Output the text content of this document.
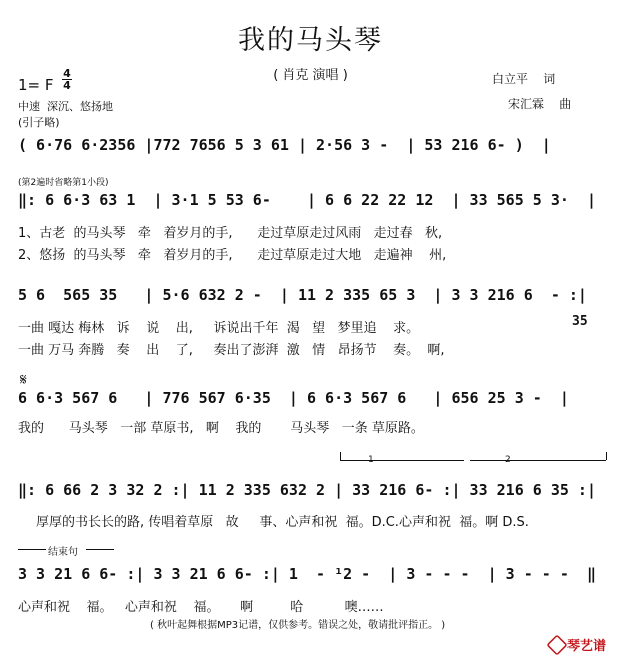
我的马头琴
( 肖克 演唱 )
1= F
4
4
中速  深沉、悠扬地
(引子略)
白立平    词
宋汇霖    曲
( 6·76 6·2356 |772 7656 5 3 61 | 2·56 3 -  | 53 216 6- )  |
(第2遍时省略第1小段)
‖: 6 6·3 63 1  | 3·1 5 53 6-    | 6 6 22 22 12  | 33 565 5 3·  |
1、古老  的马头琴   牵   着岁月的手,      走过草原走过风雨   走过春   秋,
2、悠扬  的马头琴   牵   着岁月的手,      走过草原走过大地   走遍神    州,
5 6  565 35   | 5·6 632 2 -  | 11 2 335 65 3  | 3 3 216 6  - :|
一曲 嘎达 梅林   诉    说    出,     诉说出千年  渴   望   梦里追    求。	35
一曲 万马 奔腾   奏    出    了,     奏出了澎湃  激   情   昂扬节    奏。  啊,
𝄋
6 6·3 567 6   | 776 567 6·35  | 6 6·3 567 6   | 656 25 3 -  |
我的      马头琴   一部 草原书,   啊    我的       马头琴   一条 草原路。
1	2
‖: 6 66 2 3 32 2 :| 11 2 335 632 2 | 33 216 6- :| 33 216 6 35 :|
厚厚的书长长的路, 传唱着草原   故     事、心声和祝  福。D.C.心声和祝  福。啊 D.S.
结束句
3 3 21 6 6- :| 3 3 21 6 6- :| 1  - ¹2 -  | 3 - - -  | 3 - - -  ‖
心声和祝    福。   心声和祝    福。     啊         哈          噢……
( 秋叶起舞根据MP3记谱，仅供参考。错误之处，敬请批评指正。 )
琴艺谱
